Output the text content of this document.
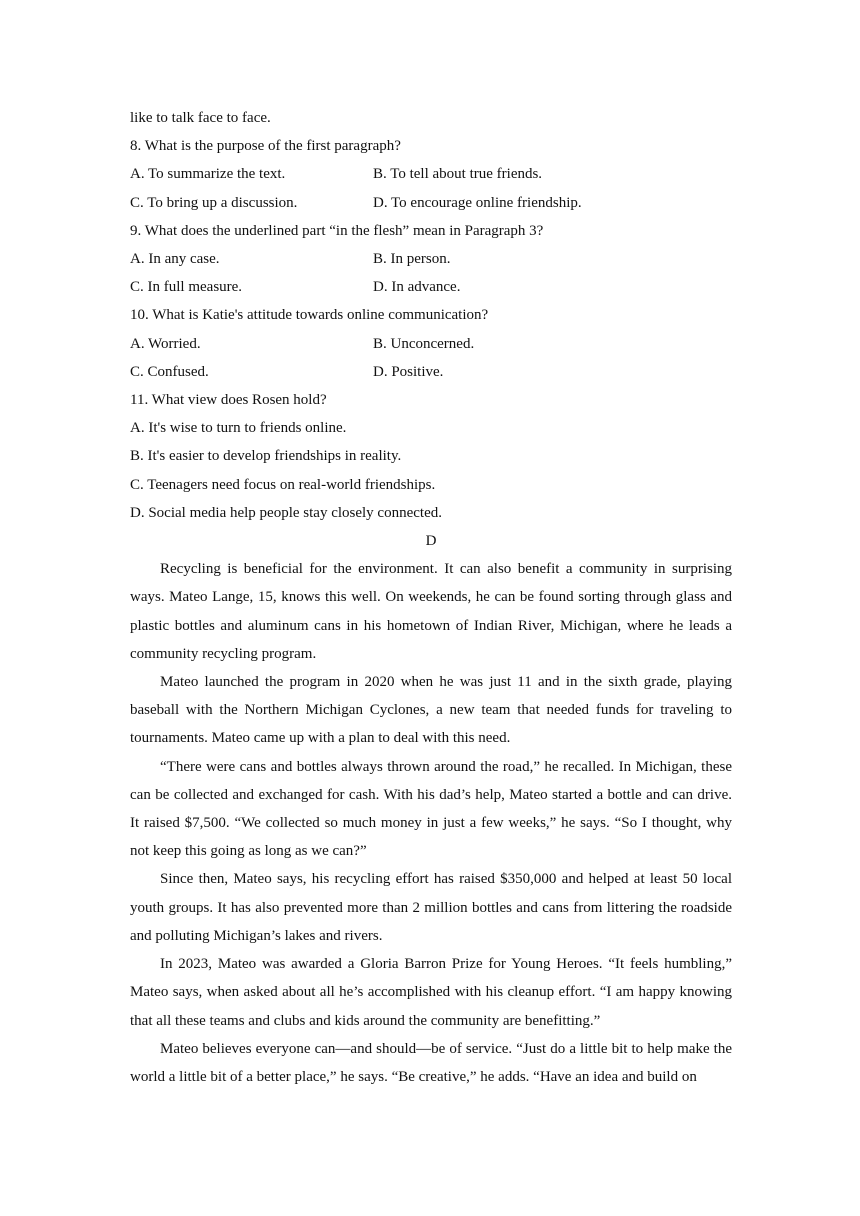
like to talk face to face.
8. What is the purpose of the first paragraph?
A. To summarize the text.	B. To tell about true friends.
C. To bring up a discussion.	D. To encourage online friendship.
9. What does the underlined part “in the flesh” mean in Paragraph 3?
A. In any case.	B. In person.
C. In full measure.	D. In advance.
10. What is Katie's attitude towards online communication?
A. Worried.	B. Unconcerned.
C. Confused.	D. Positive.
11. What view does Rosen hold?
A. It's wise to turn to friends online.
B. It's easier to develop friendships in reality.
C. Teenagers need focus on real-world friendships.
D. Social media help people stay closely connected.
D

Recycling is beneficial for the environment. It can also benefit a community in surprising ways. Mateo Lange, 15, knows this well. On weekends, he can be found sorting through glass and plastic bottles and aluminum cans in his hometown of Indian River, Michigan, where he leads a community recycling program.

Mateo launched the program in 2020 when he was just 11 and in the sixth grade, playing baseball with the Northern Michigan Cyclones, a new team that needed funds for traveling to tournaments. Mateo came up with a plan to deal with this need.

“There were cans and bottles always thrown around the road,” he recalled. In Michigan, these can be collected and exchanged for cash. With his dad’s help, Mateo started a bottle and can drive. It raised $7,500. “We collected so much money in just a few weeks,” he says. “So I thought, why not keep this going as long as we can?”

Since then, Mateo says, his recycling effort has raised $350,000 and helped at least 50 local youth groups. It has also prevented more than 2 million bottles and cans from littering the roadside and polluting Michigan’s lakes and rivers.

In 2023, Mateo was awarded a Gloria Barron Prize for Young Heroes. “It feels humbling,” Mateo says, when asked about all he’s accomplished with his cleanup effort. “I am happy knowing that all these teams and clubs and kids around the community are benefitting.”

Mateo believes everyone can—and should—be of service. “Just do a little bit to help make the world a little bit of a better place,” he says. “Be creative,” he adds. “Have an idea and build on
